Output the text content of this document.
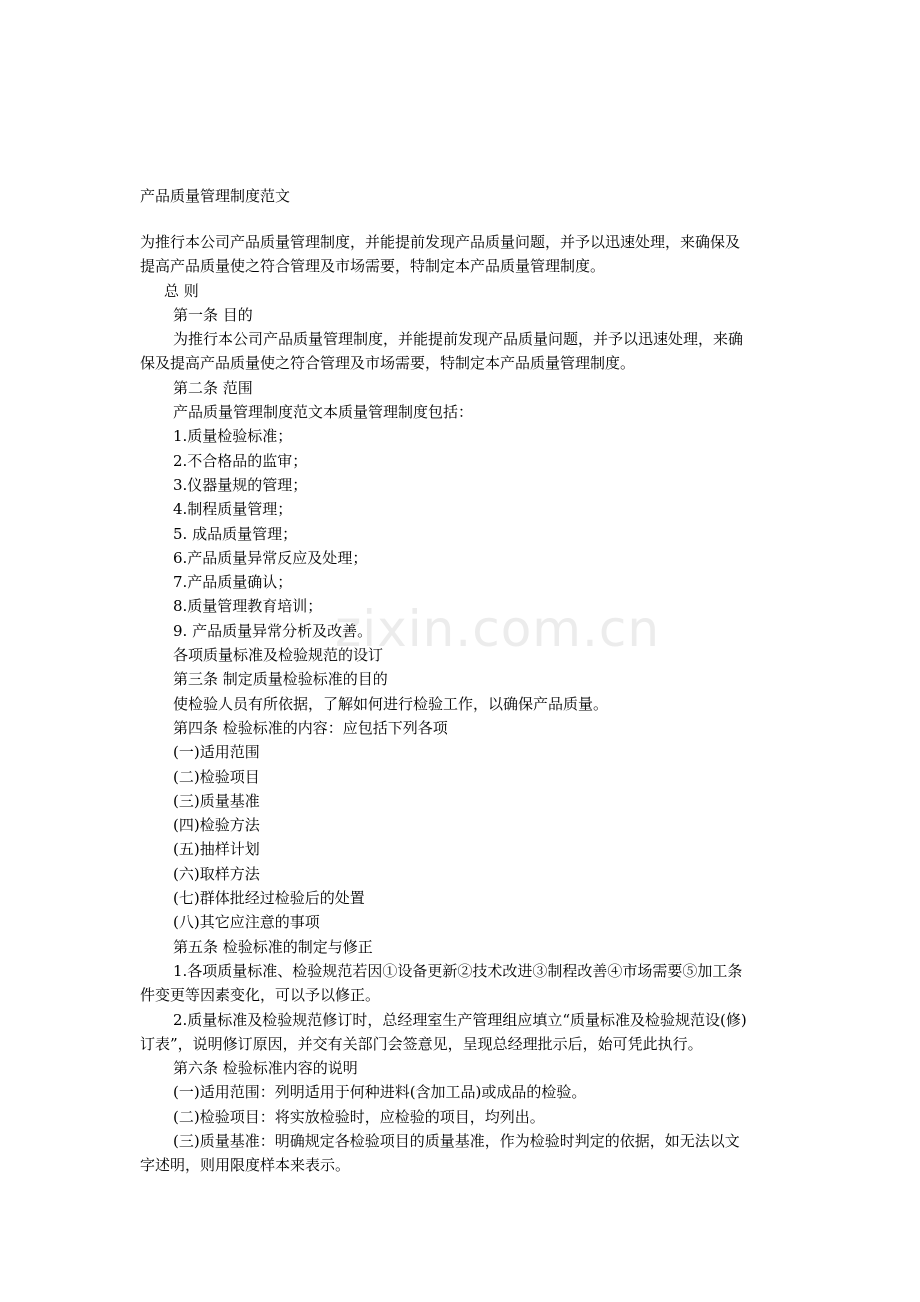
zixin.com.cn
产品质量管理制度范文
为推行本公司产品质量管理制度，并能提前发现产品质量问题，并予以迅速处理，来确保及
提高产品质量使之符合管理及市场需要，特制定本产品质量管理制度。
总 则
第一条 目的
为推行本公司产品质量管理制度，并能提前发现产品质量问题，并予以迅速处理，来确
保及提高产品质量使之符合管理及市场需要，特制定本产品质量管理制度。
第二条 范围
产品质量管理制度范文本质量管理制度包括：
1.质量检验标准；
2.不合格品的监审；
3.仪器量规的管理；
4.制程质量管理；
5. 成品质量管理；
6.产品质量异常反应及处理；
7.产品质量确认；
8.质量管理教育培训；
9. 产品质量异常分析及改善。
各项质量标准及检验规范的设订
第三条 制定质量检验标准的目的
使检验人员有所依据，了解如何进行检验工作，以确保产品质量。
第四条 检验标准的内容：应包括下列各项
(一)适用范围
(二)检验项目
(三)质量基准
(四)检验方法
(五)抽样计划
(六)取样方法
(七)群体批经过检验后的处置
(八)其它应注意的事项
第五条 检验标准的制定与修正
1.各项质量标准、检验规范若因①设备更新②技术改进③制程改善④市场需要⑤加工条
件变更等因素变化，可以予以修正。
2.质量标准及检验规范修订时，总经理室生产管理组应填立“质量标准及检验规范设(修)
订表”，说明修订原因，并交有关部门会签意见，呈现总经理批示后，始可凭此执行。
第六条 检验标准内容的说明
(一)适用范围：列明适用于何种进料(含加工品)或成品的检验。
(二)检验项目：将实放检验时，应检验的项目，均列出。
(三)质量基准：明确规定各检验项目的质量基准，作为检验时判定的依据，如无法以文
字述明，则用限度样本来表示。
